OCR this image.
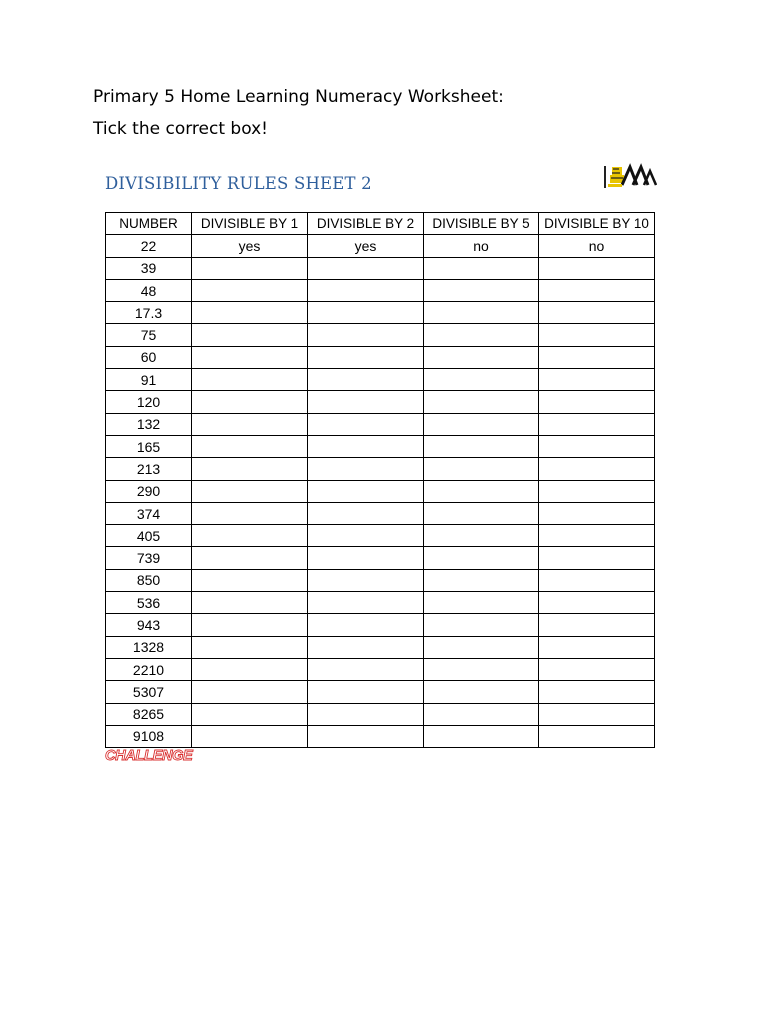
Primary 5 Home Learning Numeracy Worksheet:
Tick the correct box!
DIVISIBILITY RULES SHEET 2
NUMBER	DIVISIBLE BY 1	DIVISIBLE BY 2	DIVISIBLE BY 5	DIVISIBLE BY 10
22	yes	yes	no	no
39				
48				
17.3				
75				
60				
91				
120				
132				
165				
213				
290				
374				
405				
739				
850				
536				
943				
1328				
2210				
5307				
8265				
9108				
CHALLENGE
